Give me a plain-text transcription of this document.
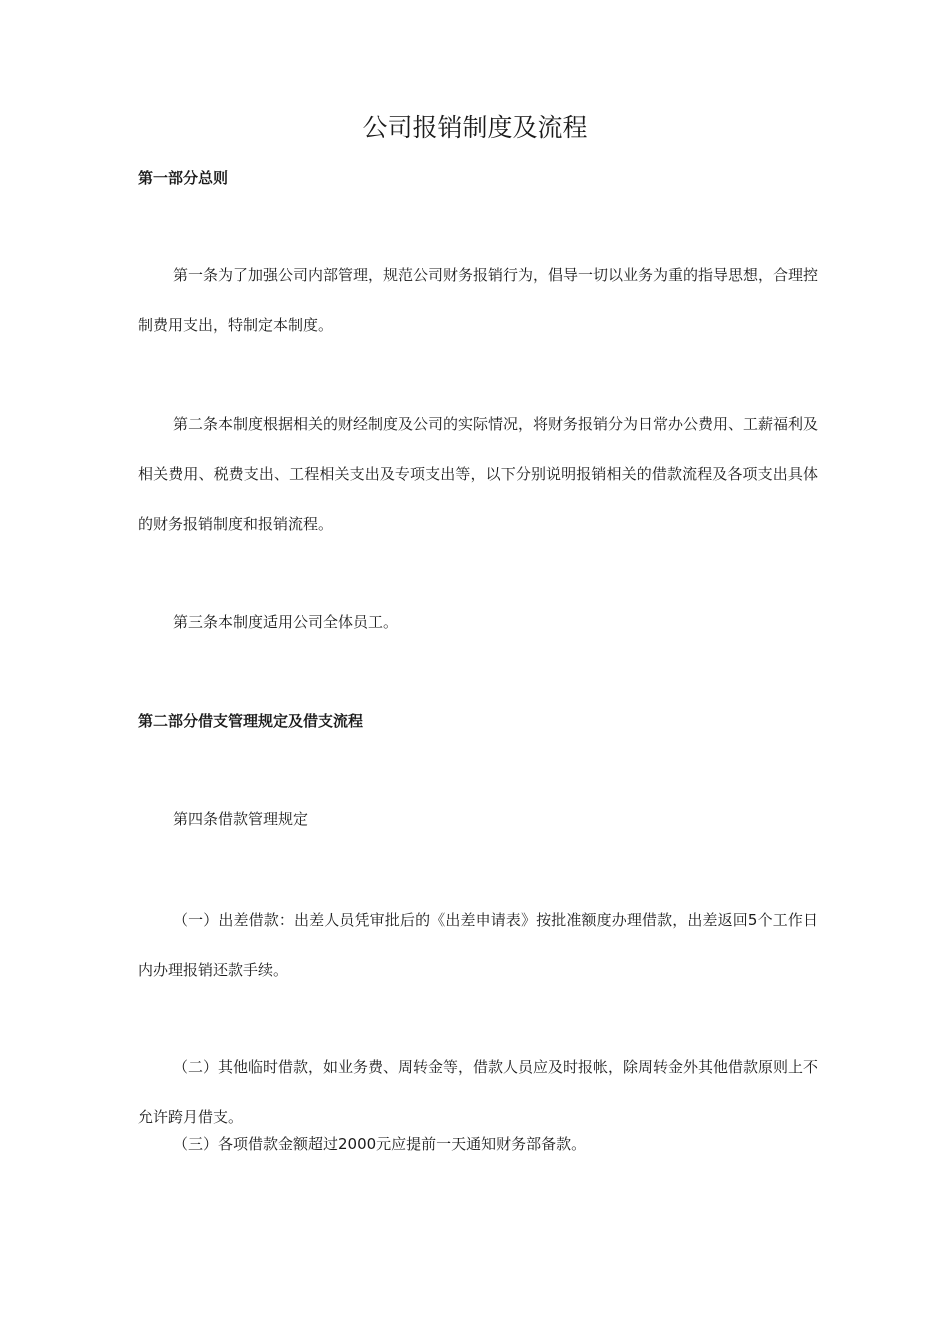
公司报销制度及流程
第一部分总则

第一条为了加强公司内部管理，规范公司财务报销行为，倡导一切以业务为重的指导思想，合理控制费用支出，特制定本制度。

第二条本制度根据相关的财经制度及公司的实际情况，将财务报销分为日常办公费用、工薪福利及相关费用、税费支出、工程相关支出及专项支出等，以下分别说明报销相关的借款流程及各项支出具体的财务报销制度和报销流程。

第三条本制度适用公司全体员工。

第二部分借支管理规定及借支流程

第四条借款管理规定

（一）出差借款：出差人员凭审批后的《出差申请表》按批准额度办理借款，出差返回5个工作日内办理报销还款手续。

（二）其他临时借款，如业务费、周转金等，借款人员应及时报帐，除周转金外其他借款原则上不允许跨月借支。

（三）各项借款金额超过2000元应提前一天通知财务部备款。
